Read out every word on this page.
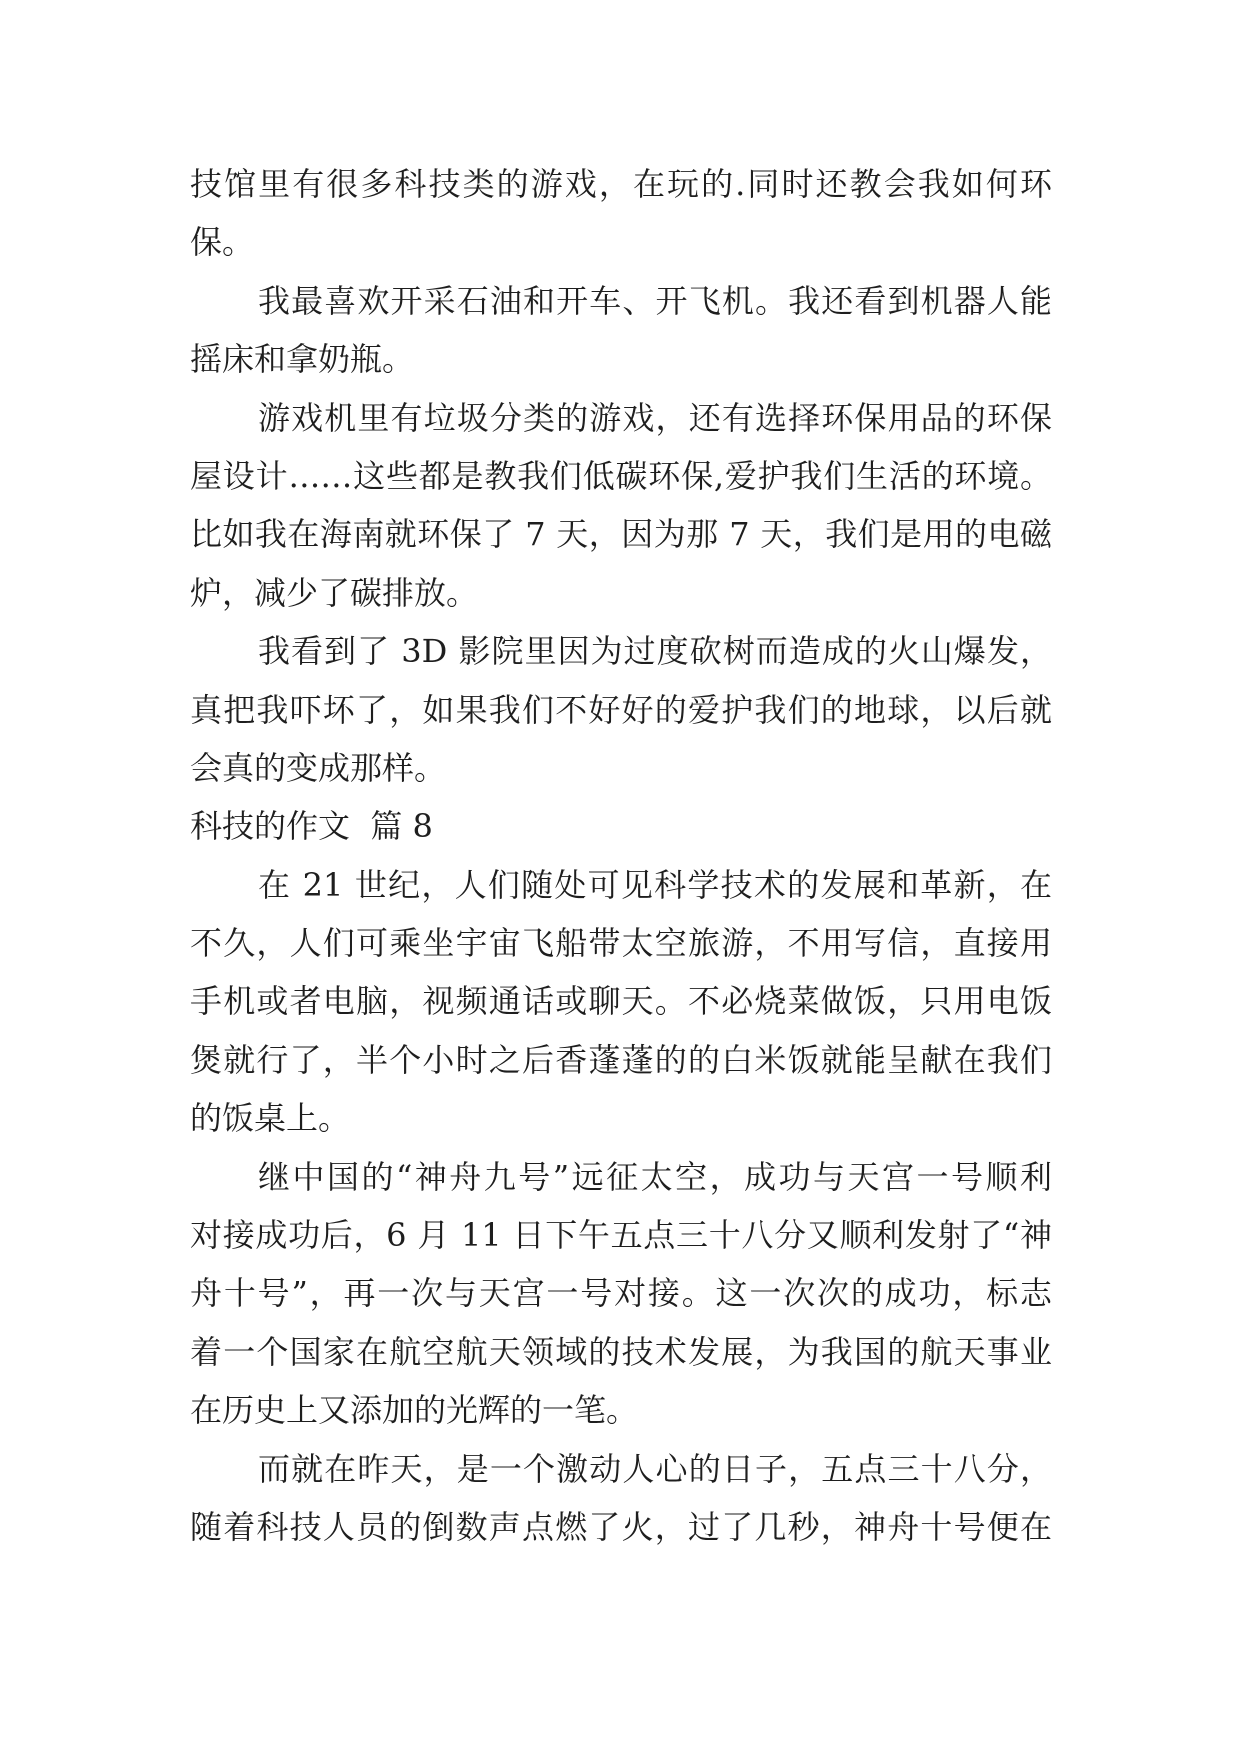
技馆里有很多科技类的游戏，在玩的.同时还教会我如何环
保。
我最喜欢开采石油和开车、开飞机。我还看到机器人能
摇床和拿奶瓶。
游戏机里有垃圾分类的游戏，还有选择环保用品的环保
屋设计……这些都是教我们低碳环保,爱护我们生活的环境。
比如我在海南就环保了 7 天，因为那 7 天，我们是用的电磁
炉，减少了碳排放。
我看到了 3D 影院里因为过度砍树而造成的火山爆发，
真把我吓坏了，如果我们不好好的爱护我们的地球，以后就
会真的变成那样。
科技的作文  篇 8
在 21 世纪，人们随处可见科学技术的发展和革新，在
不久，人们可乘坐宇宙飞船带太空旅游，不用写信，直接用
手机或者电脑，视频通话或聊天。不必烧菜做饭，只用电饭
煲就行了，半个小时之后香蓬蓬的的白米饭就能呈献在我们
的饭桌上。
继中国的“神舟九号”远征太空，成功与天宫一号顺利
对接成功后，6 月 11 日下午五点三十八分又顺利发射了“神
舟十号”，再一次与天宫一号对接。这一次次的成功，标志
着一个国家在航空航天领域的技术发展，为我国的航天事业
在历史上又添加的光辉的一笔。
而就在昨天，是一个激动人心的日子，五点三十八分，
随着科技人员的倒数声点燃了火，过了几秒，神舟十号便在
